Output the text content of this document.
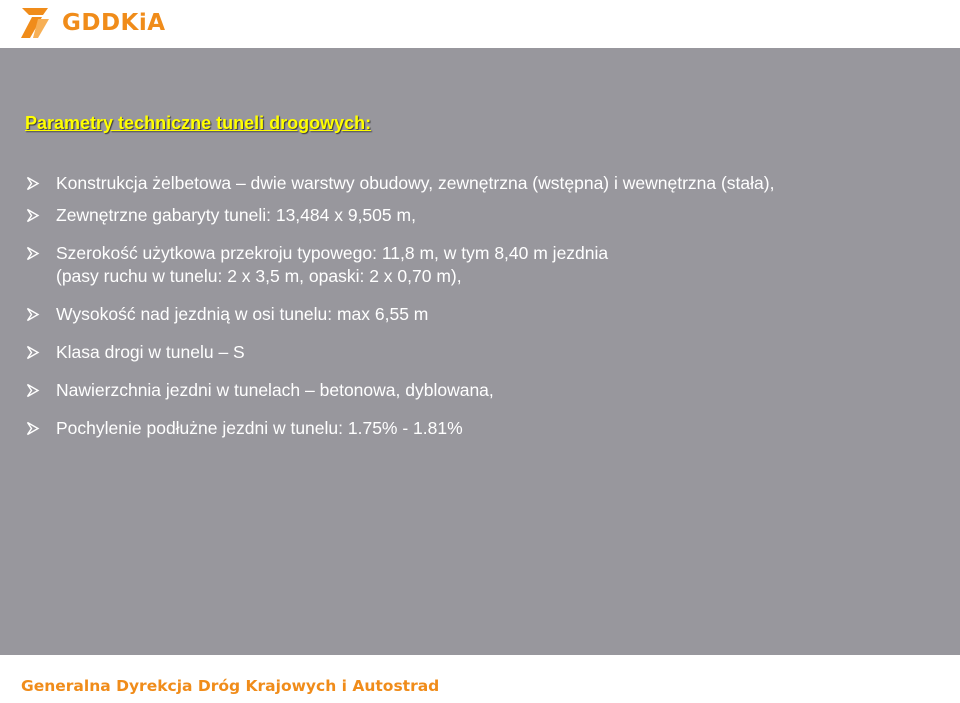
GDDKiA
Parametry techniczne tuneli drogowych:
Konstrukcja żelbetowa – dwie warstwy obudowy, zewnętrzna (wstępna) i wewnętrzna (stała),
Zewnętrzne gabaryty tuneli: 13,484 x 9,505 m,
Szerokość użytkowa przekroju typowego: 11,8 m, w tym 8,40 m jezdnia
(pasy ruchu w tunelu: 2 x 3,5 m, opaski: 2 x 0,70 m),
Wysokość nad jezdnią w osi tunelu: max 6,55 m
Klasa drogi w tunelu – S
Nawierzchnia jezdni w tunelach – betonowa, dyblowana,
Pochylenie podłużne jezdni w tunelu: 1.75% - 1.81%
Generalna Dyrekcja Dróg Krajowych i Autostrad
